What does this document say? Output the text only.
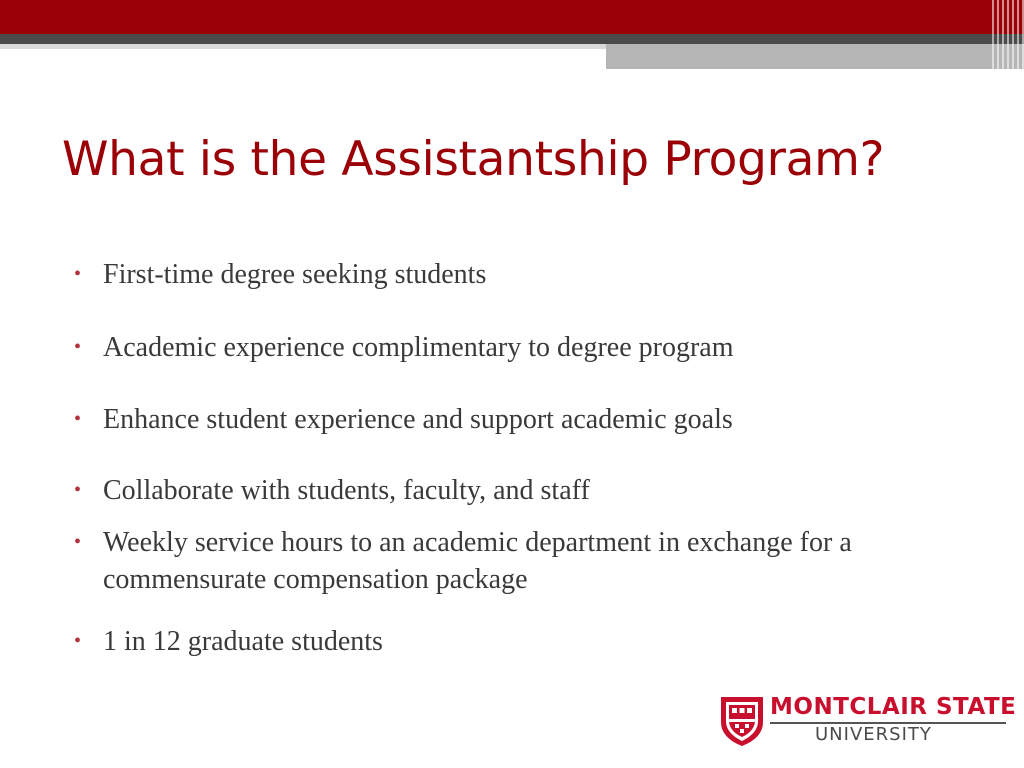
What is the Assistantship Program?
• First-time degree seeking students
• Academic experience complimentary to degree program
• Enhance student experience and support academic goals
• Collaborate with students, faculty, and staff
• Weekly service hours to an academic department in exchange for a commensurate compensation package
• 1 in 12 graduate students
MONTCLAIR STATE
UNIVERSITY
